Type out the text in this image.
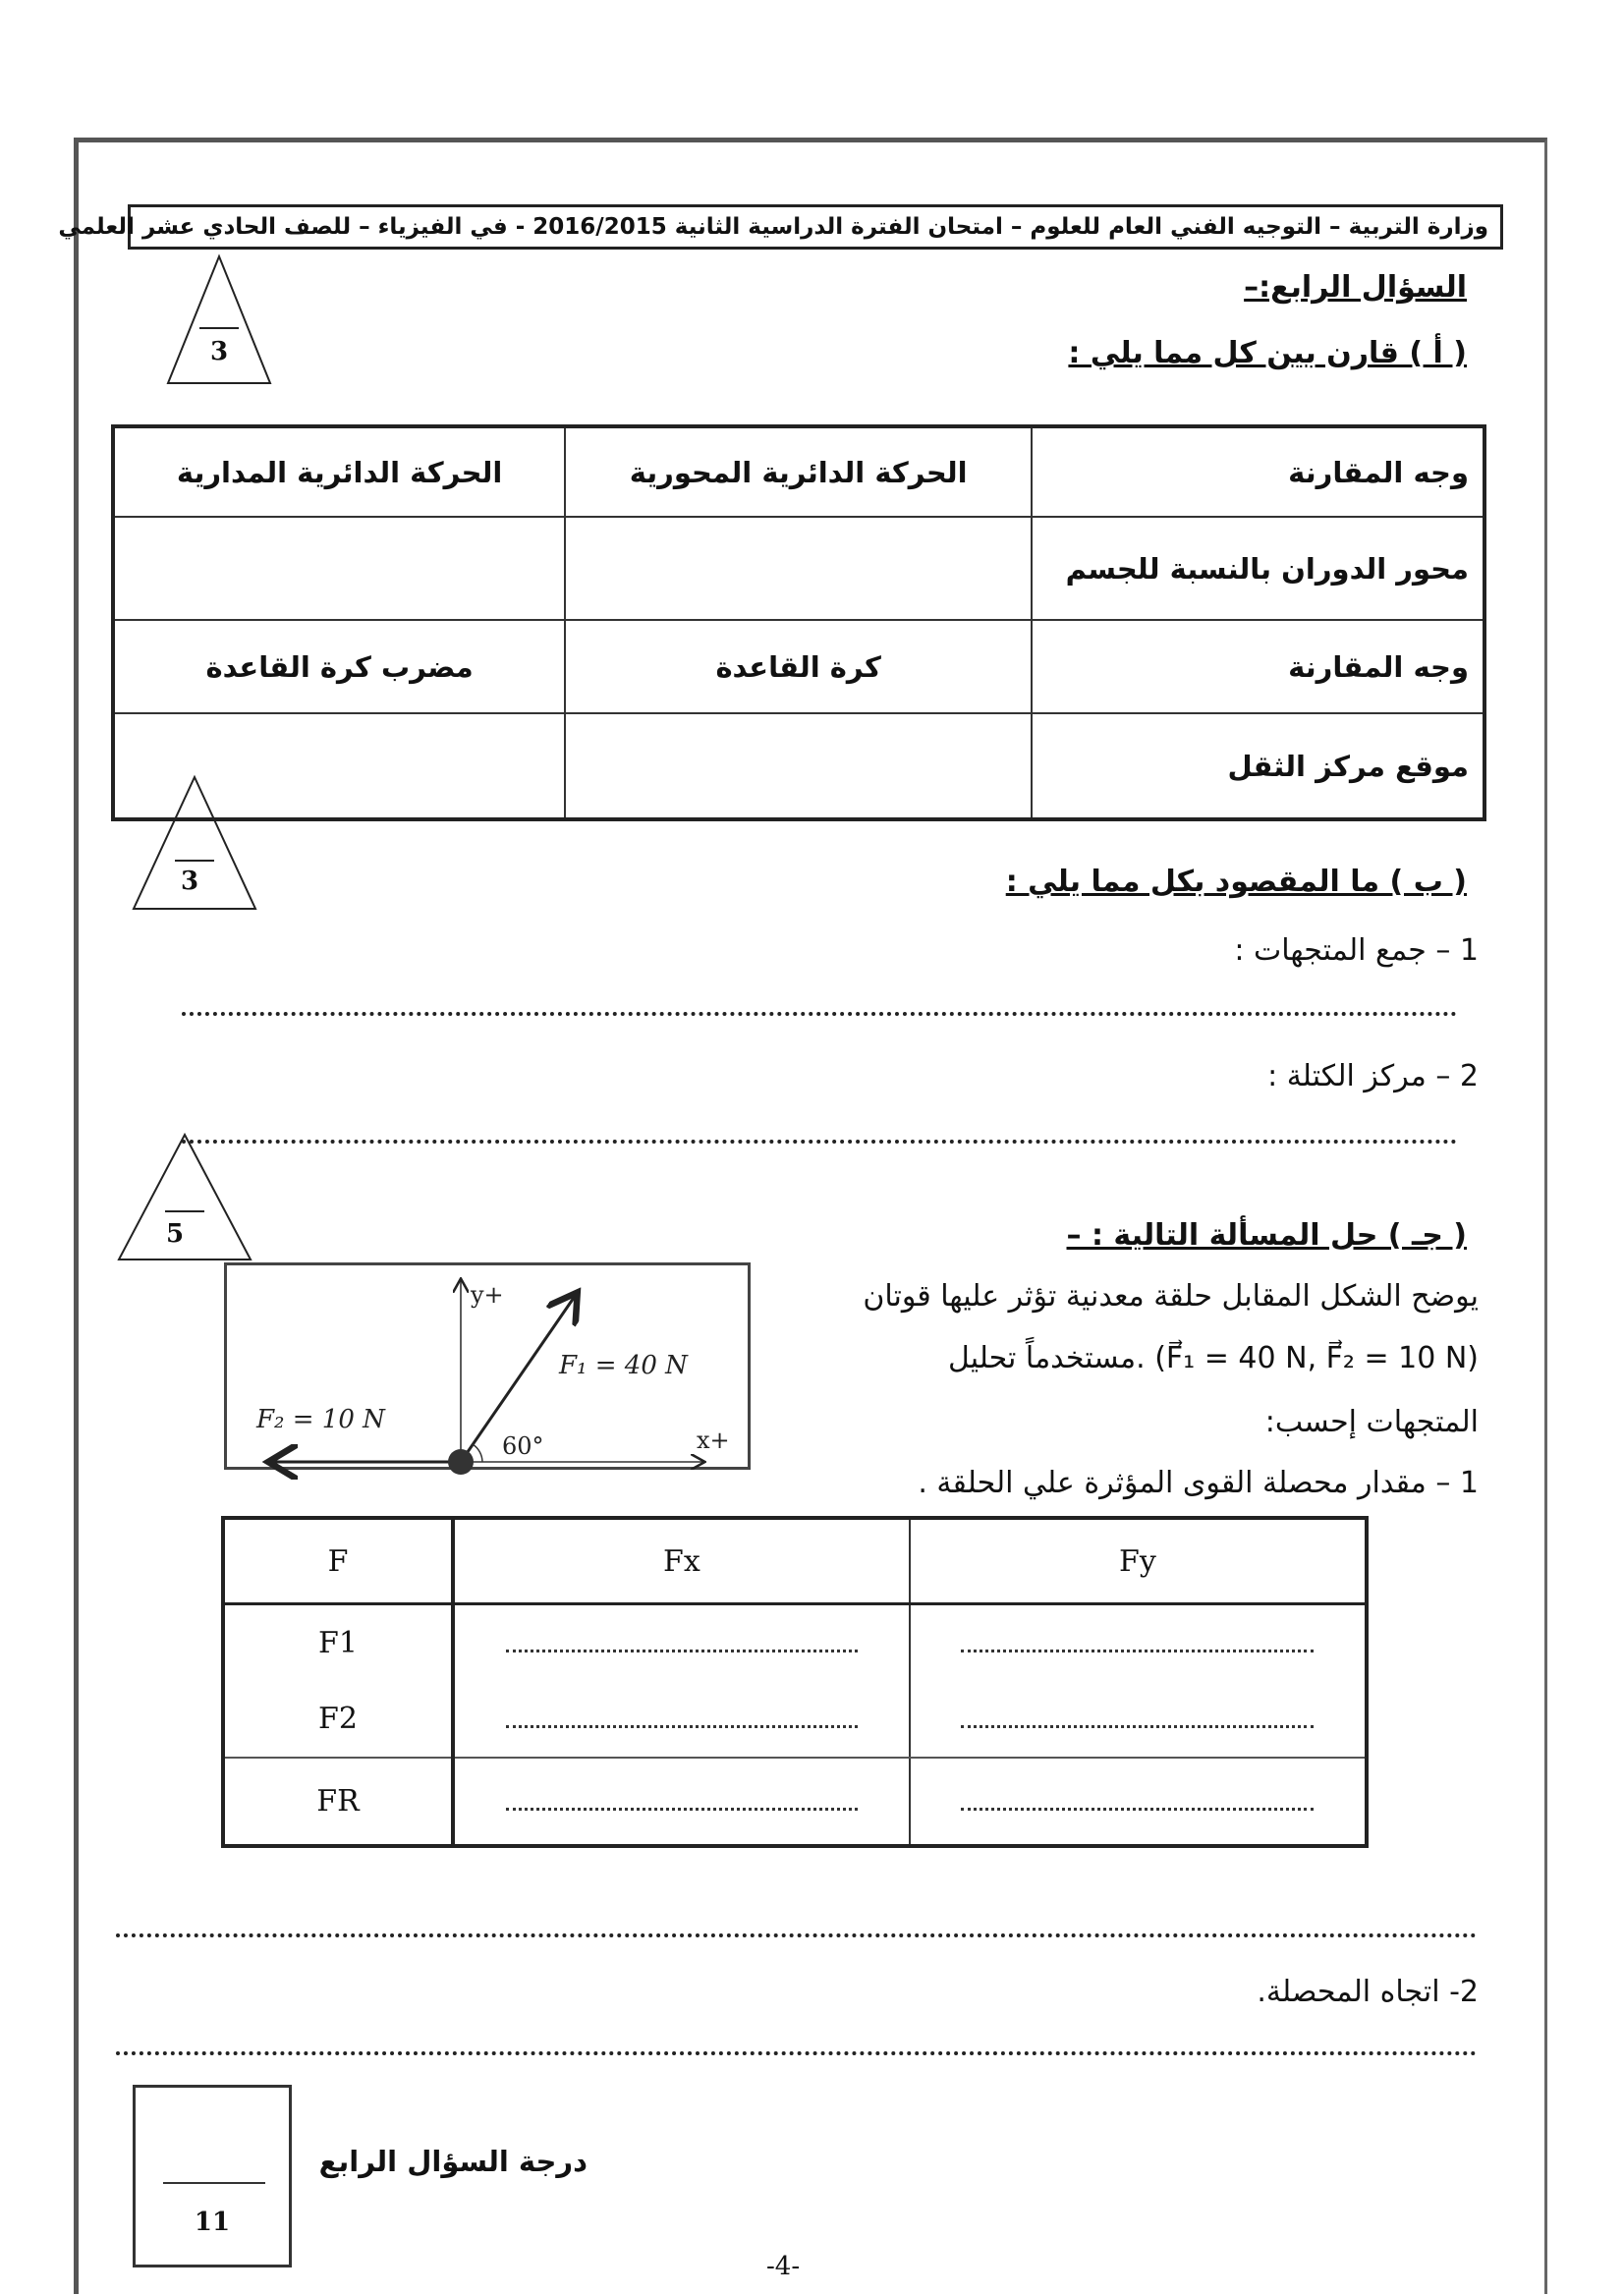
وزارة التربية – التوجيه الفني العام للعلوم – امتحان الفترة الدراسية الثانية 2016/2015 - في الفيزياء – للصف الحادي عشر العلمي
السؤال الرابع:–
3	( أ ) قارن بين كل مما يلي :
وجه المقارنة	الحركة الدائرية المحورية	الحركة الدائرية المدارية
محور الدوران بالنسبة للجسم		
وجه المقارنة	كرة القاعدة	مضرب كرة القاعدة
موقع مركز الثقل		
3	( ب ) ما المقصود بكل مما يلي :
1 – جمع المتجهات :
2 – مركز الكتلة :
5	( جـ ) حل المسألة التالية : –
يوضح الشكل المقابل حلقة معدنية تؤثر عليها قوتان
(F⃗₁ = 40 N, F⃗₂ = 10 N) .مستخدماً تحليل
المتجهات إحسب:
1 – مقدار محصلة القوى المؤثرة علي الحلقة .
y+
x+
F₁ = 40 N
F₂ = 10 N
60°
F	Fx	Fy
F1		
F2		
FR		
2- اتجاه المحصلة.
11
درجة السؤال الرابع
-4-
